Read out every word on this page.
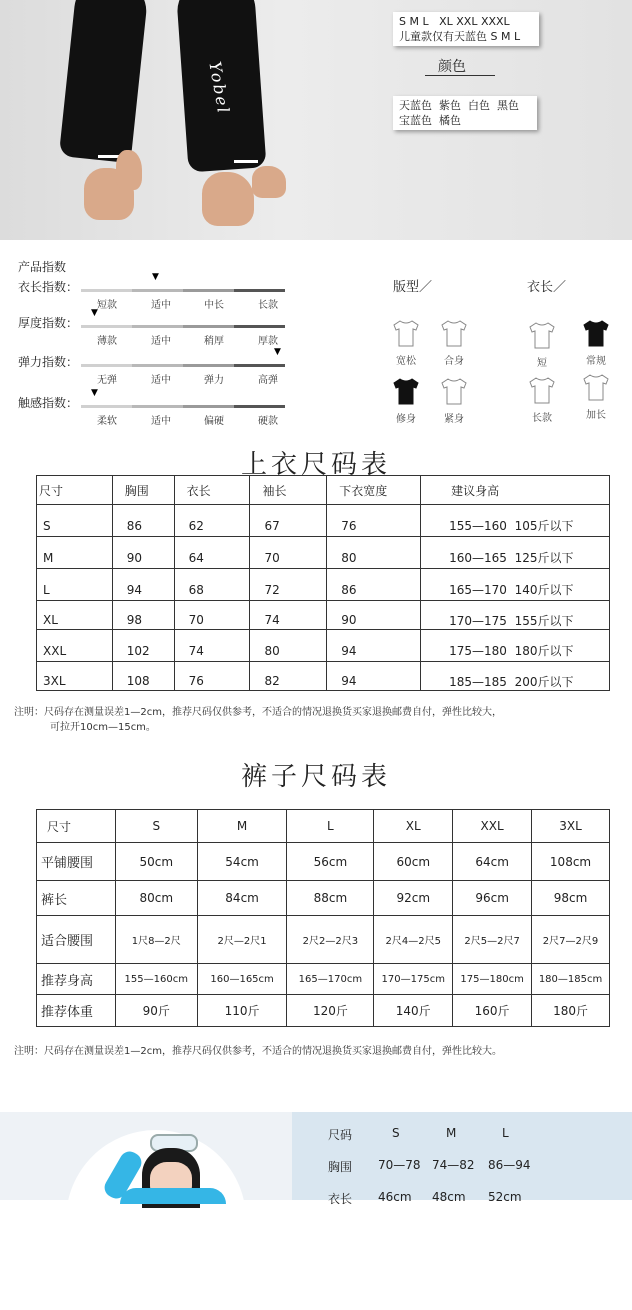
Yobel
S M L   XL XXL XXXL
儿童款仅有天蓝色 S M L
颜色
天蓝色  紫色  白色  黑色
宝蓝色  橘色
产品指数
衣长指数：
短款	适中	中长	长款
▼
厚度指数：
薄款	适中	稍厚	厚款
▼
弹力指数：
无弹	适中	弹力	高弹
▼
触感指数：
柔软	适中	偏硬	硬款
▼
版型／	衣长／
宽松	合身
修身	紧身
短	常规
长款	加长
上衣尺码表
尺寸	胸围	衣长	袖长	下衣宽度	建议身高
S	86	62	67	76	155—160  105斤以下
M	90	64	70	80	160—165  125斤以下
L	94	68	72	86	165—170  140斤以下
XL	98	70	74	90	170—175  155斤以下
XXL	102	74	80	94	175—180  180斤以下
3XL	108	76	82	94	185—185  200斤以下
注明：尺码存在测量误差1—2cm，推荐尺码仅供参考，不适合的情况退换货买家退换邮费自付，弹性比较大，
可拉开10cm—15cm。
裤子尺码表
尺寸	S	M	L	XL	XXL	3XL
平铺腰围	50cm	54cm	56cm	60cm	64cm	108cm
裤长	80cm	84cm	88cm	92cm	96cm	98cm
适合腰围	1尺8—2尺	2尺—2尺1	2尺2—2尺3	2尺4—2尺5	2尺5—2尺7	2尺7—2尺9
推荐身高	155—160cm	160—165cm	165—170cm	170—175cm	175—180cm	180—185cm
推荐体重	90斤	110斤	120斤	140斤	160斤	180斤
注明：尺码存在测量误差1—2cm，推荐尺码仅供参考，不适合的情况退换货买家退换邮费自付，弹性比较大。
尺码	S	M	L
胸围 70—78 74—82 86—94
衣长 46cm 48cm 52cm
